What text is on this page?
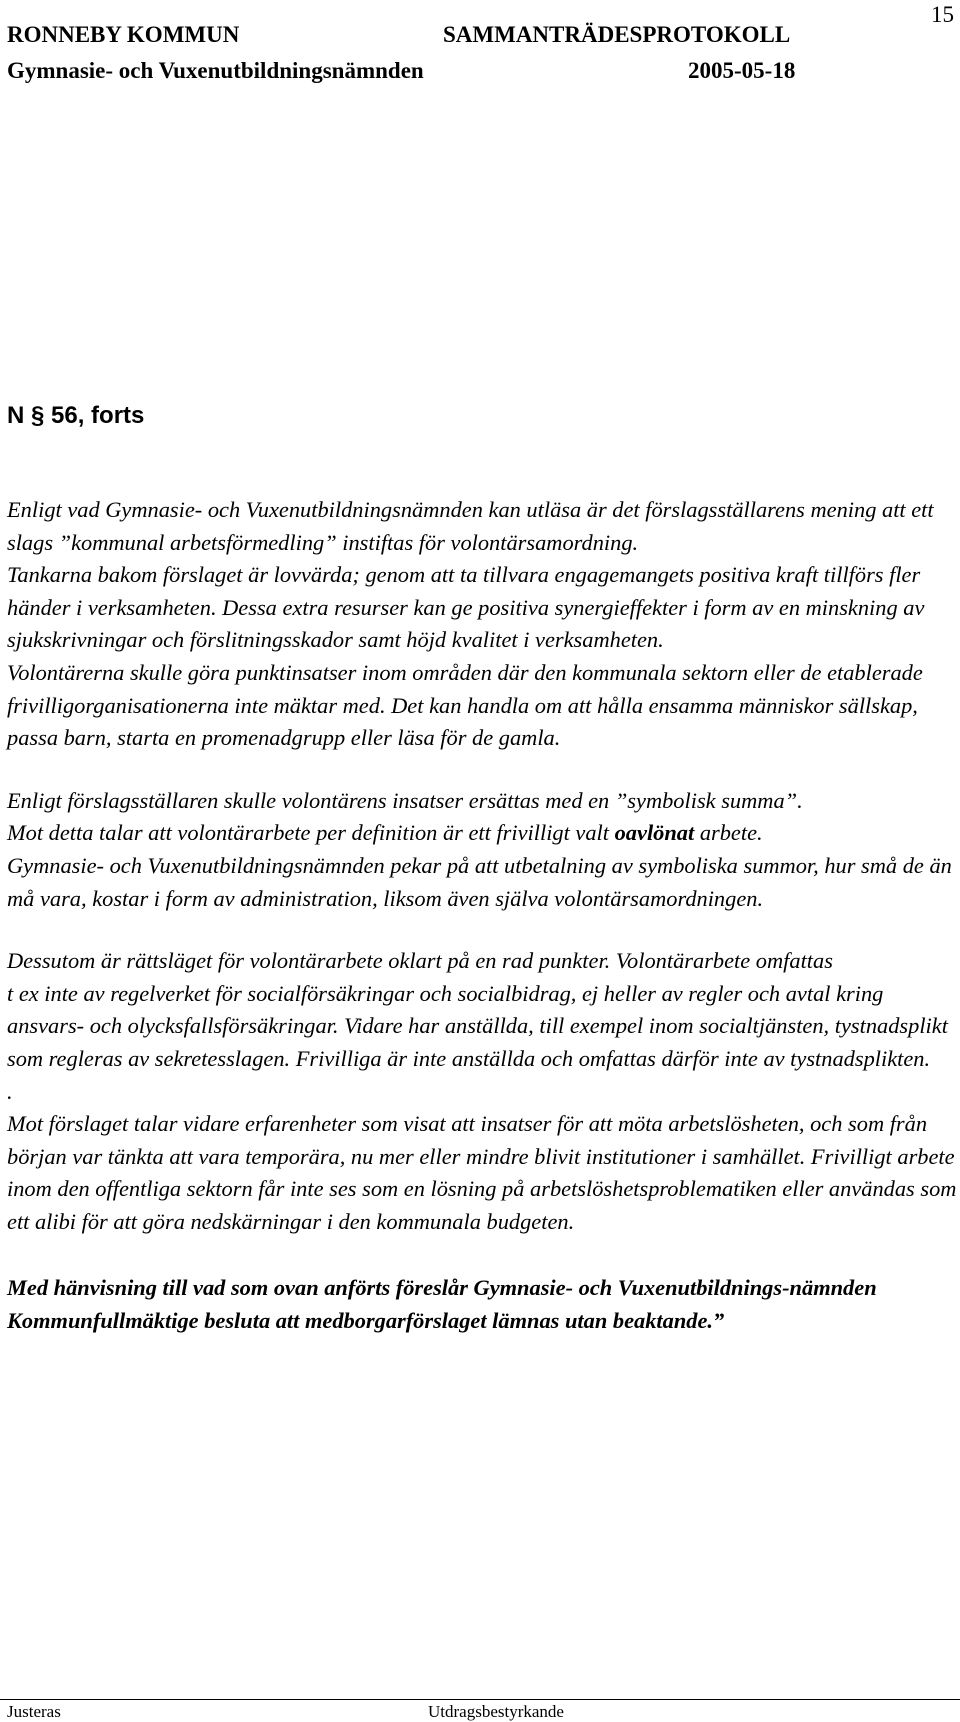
15
RONNEBY KOMMUN	SAMMANTRÄDESPROTOKOLL
Gymnasie- och Vuxenutbildningsnämnden	2005-05-18
N § 56, forts

Enligt vad Gymnasie- och Vuxenutbildningsnämnden kan utläsa är det förslagsställarens mening att ett slags ”kommunal arbetsförmedling” instiftas för volontärsamordning.

Tankarna bakom förslaget är lovvärda; genom att ta tillvara engagemangets positiva kraft tillförs fler händer i verksamheten. Dessa extra resurser kan ge positiva synergieffekter i form av en minskning av sjukskrivningar och förslitningsskador samt höjd kvalitet i verksamheten.

Volontärerna skulle göra punktinsatser inom områden där den kommunala sektorn eller de etablerade frivilligorganisationerna inte mäktar med. Det kan handla om att hålla ensamma människor sällskap, passa barn, starta en promenadgrupp eller läsa för de gamla.

Enligt förslagsställaren skulle volontärens insatser ersättas med en ”symbolisk summa”.

Mot detta talar att volontärarbete per definition är ett frivilligt valt oavlönat arbete.

Gymnasie- och Vuxenutbildningsnämnden pekar på att utbetalning av symboliska summor, hur små de än må vara, kostar i form av administration, liksom även själva volontärsamordningen.

Dessutom är rättsläget för volontärarbete oklart på en rad punkter. Volontärarbete omfattas

t ex inte av regelverket för socialförsäkringar och socialbidrag, ej heller av regler och avtal kring ansvars- och olycksfallsförsäkringar. Vidare har anställda, till exempel inom socialtjänsten, tystnadsplikt som regleras av sekretesslagen. Frivilliga är inte anställda och omfattas därför inte av tystnadsplikten.

.

Mot förslaget talar vidare erfarenheter som visat att insatser för att möta arbetslösheten, och som från början var tänkta att vara temporära, nu mer eller mindre blivit institutioner i samhället. Frivilligt arbete inom den offentliga sektorn får inte ses som en lösning på arbetslöshetsproblematiken eller användas som ett alibi för att göra nedskärningar i den kommunala budgeten.

Med hänvisning till vad som ovan anförts föreslår Gymnasie- och Vuxenutbildnings-nämnden Kommunfullmäktige besluta att medborgarförslaget lämnas utan beaktande.”

Justeras	Utdragsbestyrkande
